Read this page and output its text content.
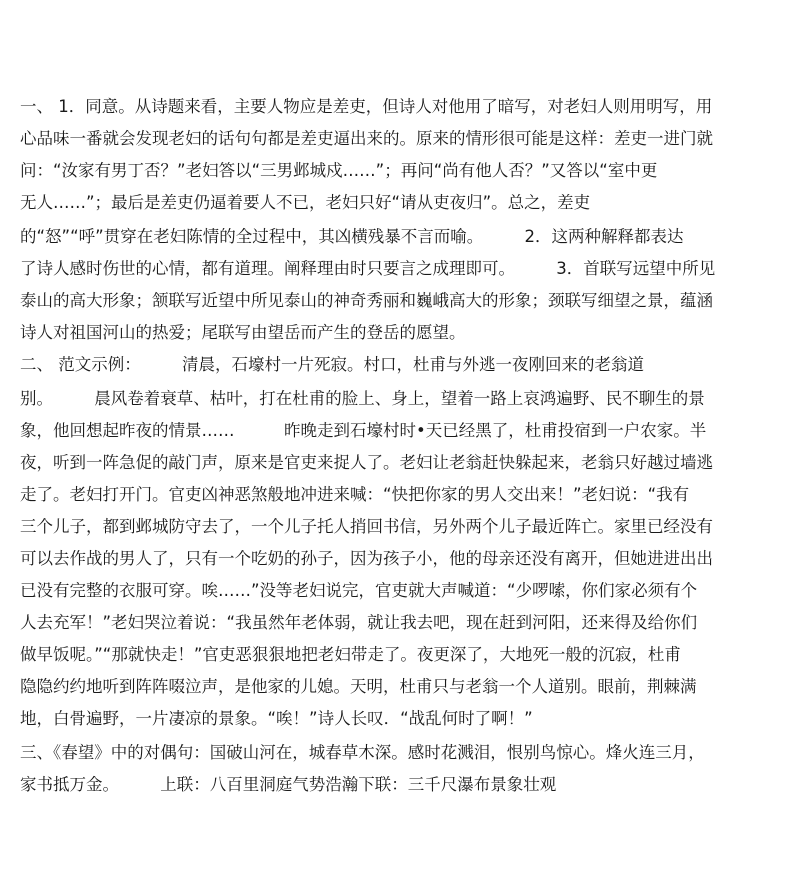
一、 1．同意。从诗题来看，主要人物应是差吏，但诗人对他用了暗写，对老妇人则用明写，用
心品味一番就会发现老妇的话句句都是差吏逼出来的。原来的情形很可能是这样：差吏一进门就
问：“汝家有男丁否？”老妇答以“三男邺城戍……”；再问“尚有他人否？”又答以“室中更
无人……”；最后是差吏仍逼着要人不已，老妇只好“请从吏夜归”。总之，差吏
的“怒”“呼”贯穿在老妇陈情的全过程中，其凶横残暴不言而喻。　　　2．这两种解释都表达
了诗人感时伤世的心情，都有道理。阐释理由时只要言之成理即可。　　　3．首联写远望中所见
泰山的高大形象；颔联写近望中所见泰山的神奇秀丽和巍峨高大的形象；颈联写细望之景，蕴涵
诗人对祖国河山的热爱；尾联写由望岳而产生的登岳的愿望。
二、 范文示例：　　　清晨，石壕村一片死寂。村口，杜甫与外逃一夜刚回来的老翁道
别。　　　晨风卷着衰草、枯叶，打在杜甫的脸上、身上，望着一路上哀鸿遍野、民不聊生的景
象，他回想起昨夜的情景……　　　昨晚走到石壕村时•天已经黑了，杜甫投宿到一户农家。半
夜，听到一阵急促的敲门声，原来是官吏来捉人了。老妇让老翁赶快躲起来，老翁只好越过墙逃
走了。老妇打开门。官吏凶神恶煞般地冲进来喊：“快把你家的男人交出来！”老妇说：“我有
三个儿子，都到邺城防守去了，一个儿子托人捎回书信，另外两个儿子最近阵亡。家里已经没有
可以去作战的男人了，只有一个吃奶的孙子，因为孩子小，他的母亲还没有离开，但她进进出出
已没有完整的衣服可穿。唉……”没等老妇说完，官吏就大声喊道：“少啰嗦，你们家必须有个
人去充军！”老妇哭泣着说：“我虽然年老体弱，就让我去吧，现在赶到河阳，还来得及给你们
做早饭呢。”“那就快走！”官吏恶狠狠地把老妇带走了。夜更深了，大地死一般的沉寂，杜甫
隐隐约约地听到阵阵啜泣声，是他家的儿媳。天明，杜甫只与老翁一个人道别。眼前，荆棘满
地，白骨遍野，一片凄凉的景象。“唉！”诗人长叹．“战乱何时了啊！”
三、《春望》中的对偶句：国破山河在，城春草木深。感时花溅泪，恨别鸟惊心。烽火连三月，
家书抵万金。　　　上联：八百里洞庭气势浩瀚下联：三千尺瀑布景象壮观
